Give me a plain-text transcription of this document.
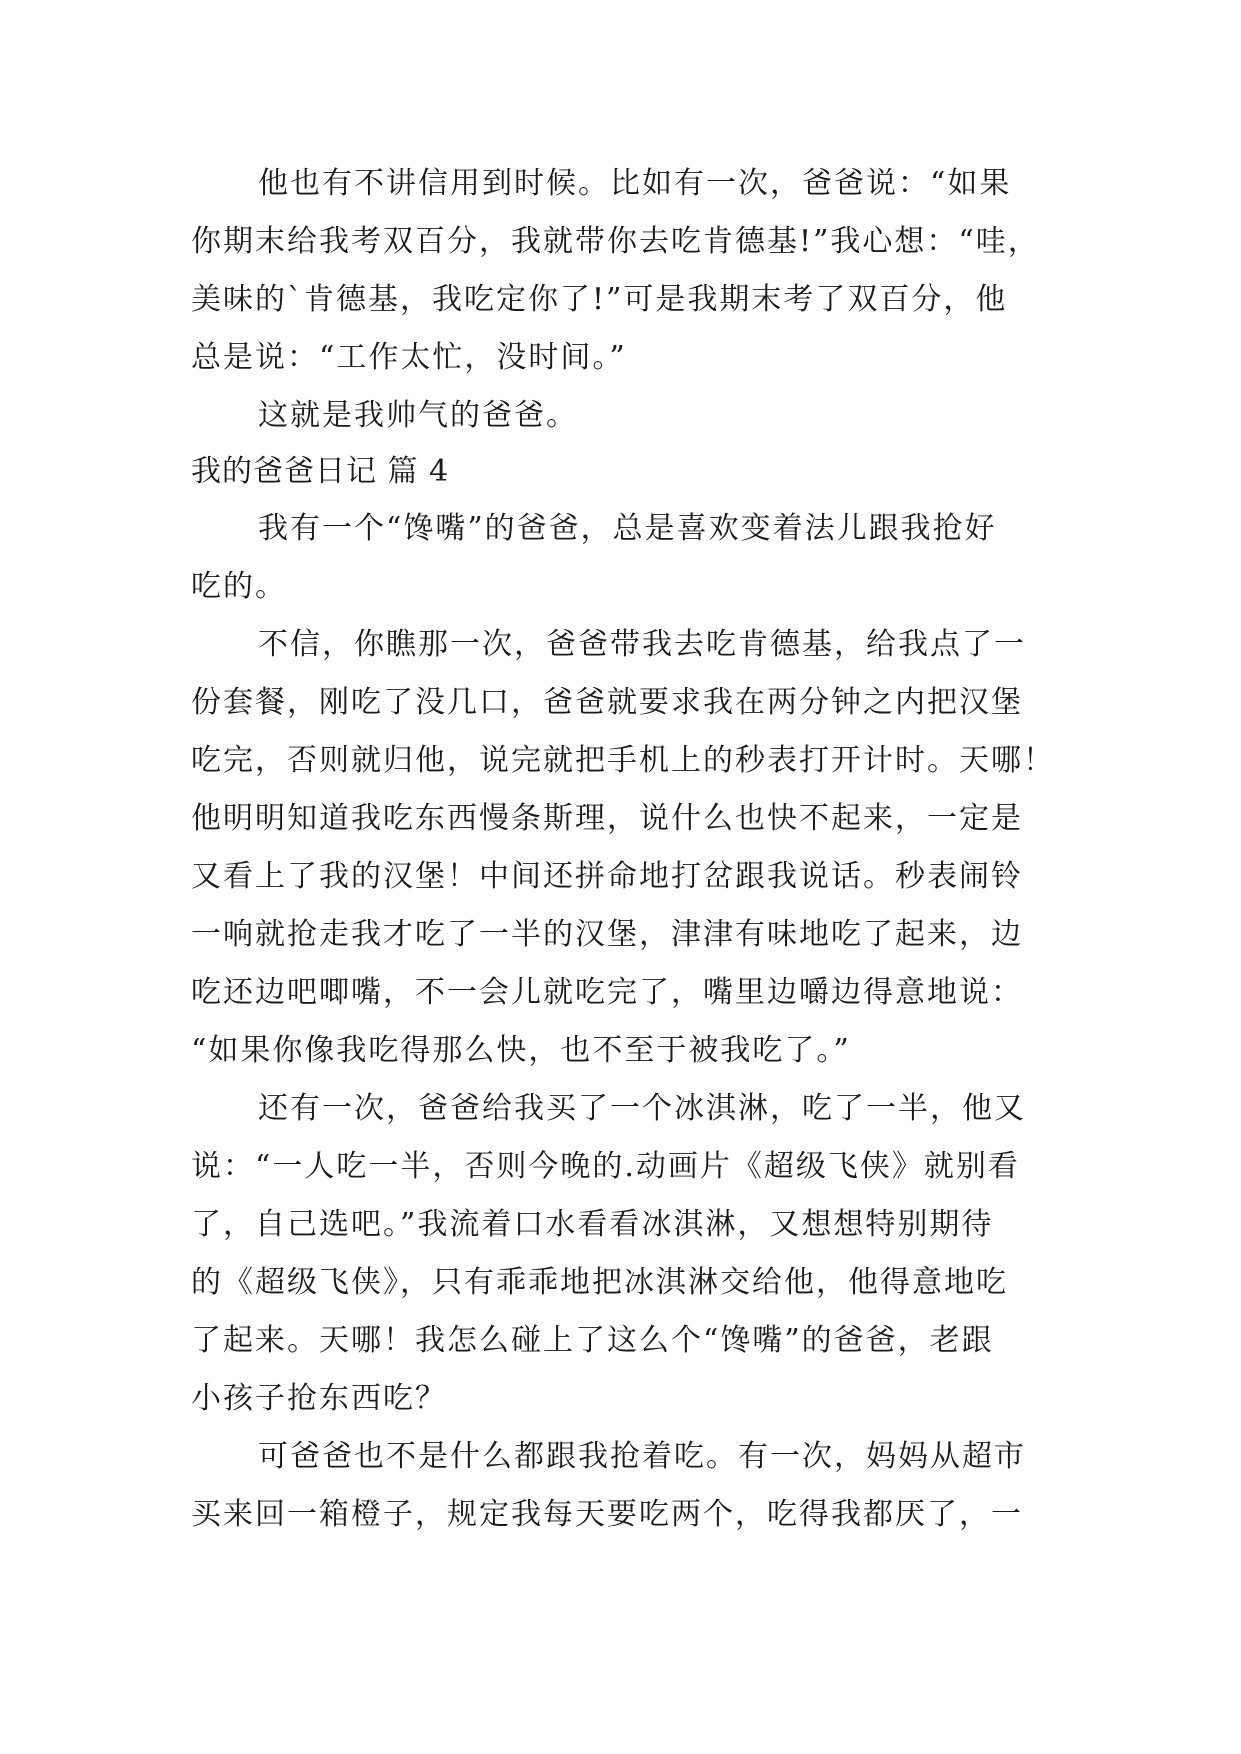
他也有不讲信用到时候。比如有一次，爸爸说：“如果
你期末给我考双百分，我就带你去吃肯德基!”我心想：“哇，
美味的`肯德基，我吃定你了!”可是我期末考了双百分，他
总是说：“工作太忙，没时间。”
这就是我帅气的爸爸。
我的爸爸日记 篇 4
我有一个“馋嘴”的爸爸，总是喜欢变着法儿跟我抢好
吃的。
不信，你瞧那一次，爸爸带我去吃肯德基，给我点了一
份套餐，刚吃了没几口，爸爸就要求我在两分钟之内把汉堡
吃完，否则就归他，说完就把手机上的秒表打开计时。天哪！
他明明知道我吃东西慢条斯理，说什么也快不起来，一定是
又看上了我的汉堡！中间还拼命地打岔跟我说话。秒表闹铃
一响就抢走我才吃了一半的汉堡，津津有味地吃了起来，边
吃还边吧唧嘴，不一会儿就吃完了，嘴里边嚼边得意地说：
“如果你像我吃得那么快，也不至于被我吃了。”
还有一次，爸爸给我买了一个冰淇淋，吃了一半，他又
说：“一人吃一半，否则今晚的.动画片《超级飞侠》就别看
了，自己选吧。”我流着口水看看冰淇淋，又想想特别期待
的《超级飞侠》，只有乖乖地把冰淇淋交给他，他得意地吃
了起来。天哪！我怎么碰上了这么个“馋嘴”的爸爸，老跟
小孩子抢东西吃？
可爸爸也不是什么都跟我抢着吃。有一次，妈妈从超市
买来回一箱橙子，规定我每天要吃两个，吃得我都厌了，一
